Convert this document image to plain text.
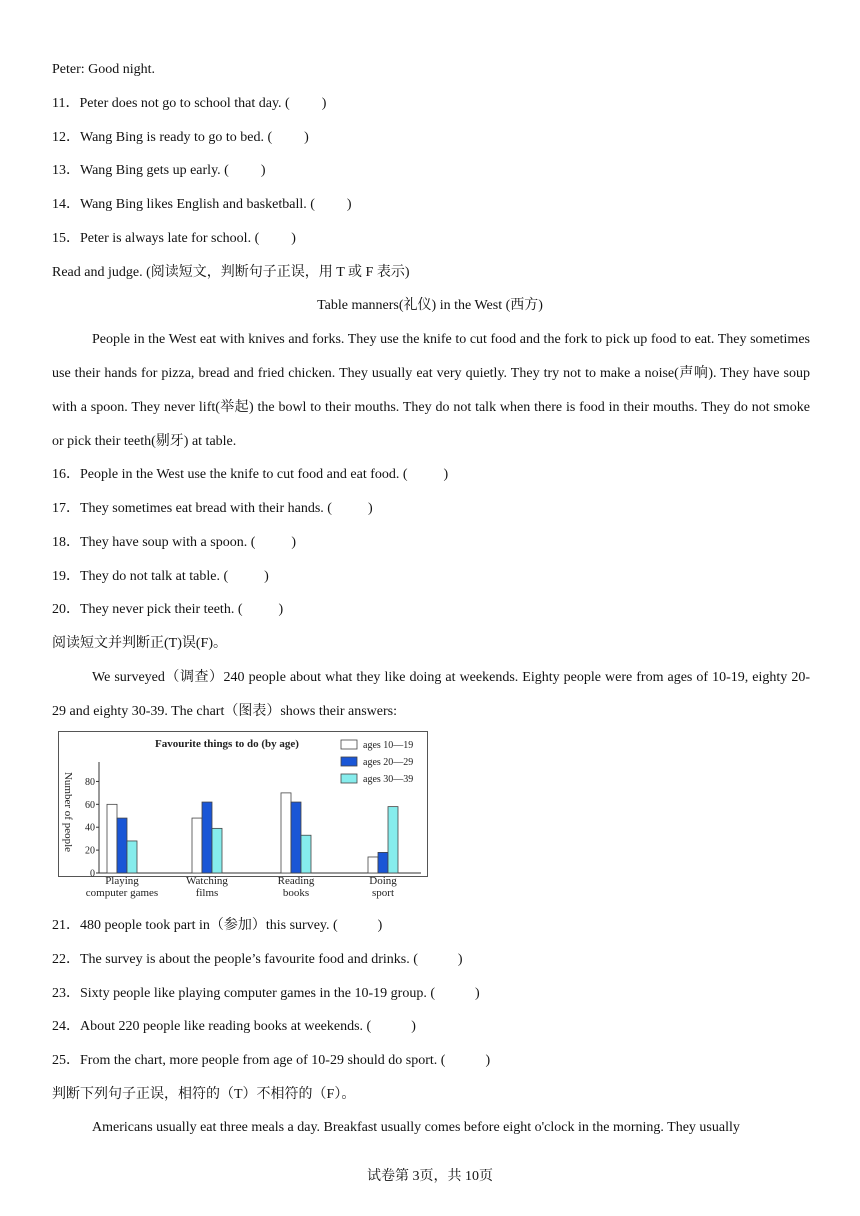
Peter: Good night.
11．Peter does not go to school that day. ( )
12．Wang Bing is ready to go to bed. ( )
13．Wang Bing gets up early. ( )
14．Wang Bing likes English and basketball. ( )
15．Peter is always late for school. ( )
Read and judge. (阅读短文，判断句子正误，用 T 或 F 表示)
Table manners(礼仪) in the West (西方)
People in the West eat with knives and forks. They use the knife to cut food and the fork to pick up food to eat. They sometimes use their hands for pizza, bread and fried chicken. They usually eat very quietly. They try not to make a noise(声响). They have soup with a spoon. They never lift(举起) the bowl to their mouths. They do not talk when there is food in their mouths. They do not smoke or pick their teeth(剔牙) at table.
16．People in the West use the knife to cut food and eat food. (	)
17．They sometimes eat bread with their hands. (	)
18．They have soup with a spoon. (	)
19．They do not talk at table. (	)
20．They never pick their teeth. (	)
阅读短文并判断正(T)误(F)。
We surveyed（调查）240 people about what they like doing at weekends. Eighty people were from ages of 10-19, eighty 20-29 and eighty 30-39. The chart（图表）shows their answers:
Favourite things to do (by age)
Number of people
0
20
40
60
80
Playing
computer games
Watching
films
Reading
books
Doing
sport
ages 10—19
ages 20—29
ages 30—39
21．480 people took part in（参加）this survey. (	)
22．The survey is about the people’s favourite food and drinks. (	)
23．Sixty people like playing computer games in the 10-19 group. (	)
24．About 220 people like reading books at weekends. (	)
25．From the chart, more people from age of 10-29 should do sport. (	)
判断下列句子正误，相符的（T）不相符的（F）。
Americans usually eat three meals a day. Breakfast usually comes before eight o'clock in the morning. They usually
试卷第 3页，共 10页
